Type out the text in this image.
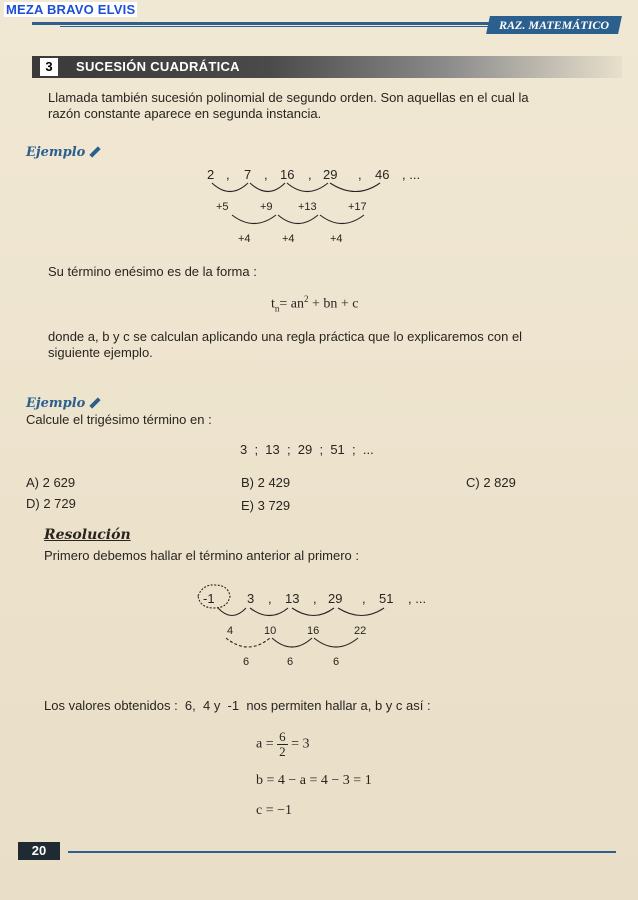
MEZA BRAVO ELVIS
RAZ. MATEMÁTICO
3	SUCESIÓN CUADRÁTICA
Llamada también sucesión polinomial de segundo orden. Son aquellas en el cual la
razón constante aparece en segunda instancia.
Ejemplo
2 , 7 , 16 , 29 , 46 , ...
+5	+9 +13	+17
+4	+4	+4
Su término enésimo es de la forma :
$t_n= an^2$ + bn + c
donde a, b y c se calculan aplicando una regla práctica que lo explicaremos con el
siguiente ejemplo.
Ejemplo
Calcule el trigésimo término en :
3  ;  13  ;  29  ;  51  ;  ...
A) 2 629	B) 2 429	C) 2 829
D) 2 729	E) 3 729
Resolución
Primero debemos hallar el término anterior al primero :
-1 3 , 13 , 29 , 51 , ...
4	10	16	22
6	6	6
Los valores obtenidos :  6,  4 y  -1  nos permiten hallar a, b y c así :
$a = \frac{6}{2} = 3$
b = 4 − a = 4 − 3 = 1
c = −1
20
